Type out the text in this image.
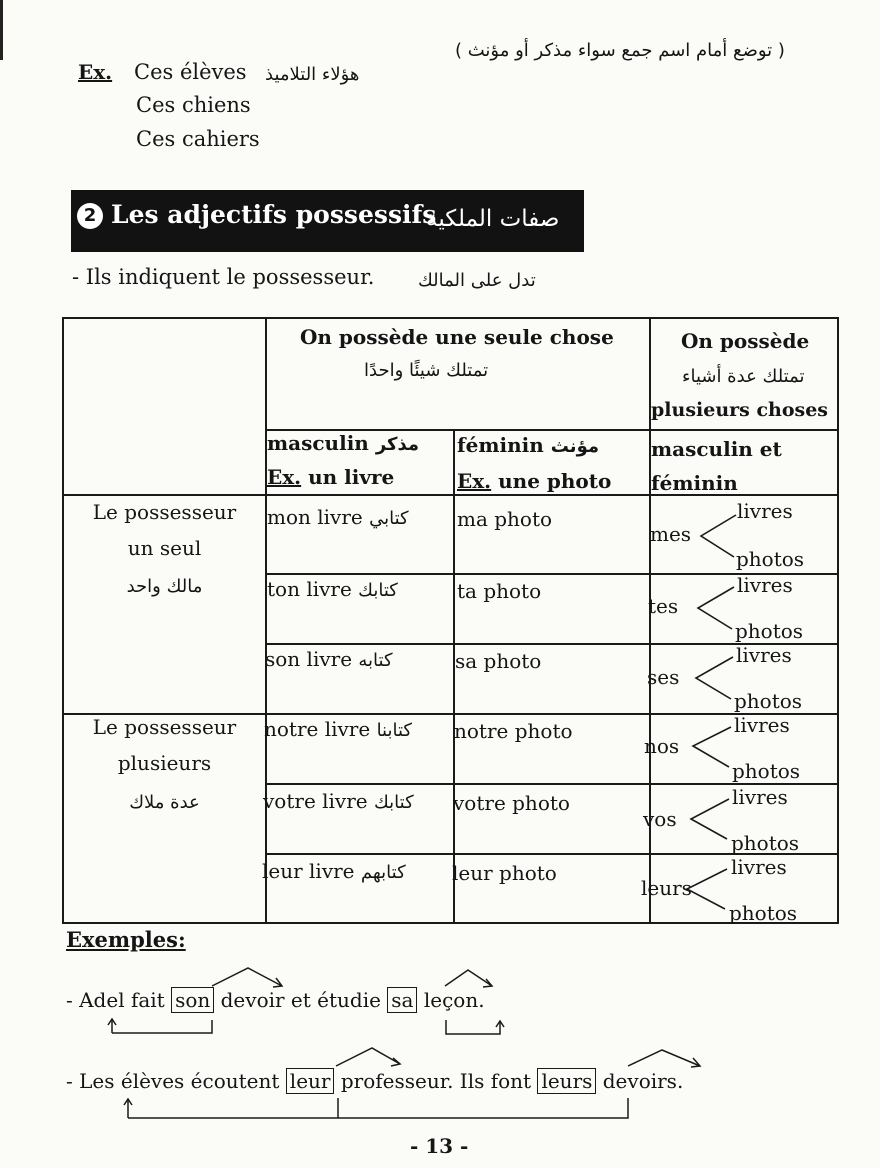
( توضع أمام اسم جمع سواء مذكر أو مؤنث )
Ex. Ces élèves هؤلاء التلاميذ
Ces chiens
Ces cahiers
2 Les adjectifs possessifs
صفات الملكية
- Ils indiquent le possesseur. تدل على المالك
On possède une seule chose
تمتلك شيئًا واحدًا
On possède
تمتلك عدة أشياء
plusieurs choses
masculin مذكر
Ex. un livre
féminin مؤنث
Ex. une photo
masculin et
féminin
Le possesseur
un seul
مالك واحد
Le possesseur
plusieurs
عدة ملاك
mon livre كتابي ma photo
mes
livres
photos
ton livre كتابك	ta photo
tes
livres
photos
son livre كتابه	sa photo
ses
livres
photos
notre livre كتابنا notre photo
nos
livres
photos
votre livre كتابك votre photo
vos
livres
photos
leur livre كتابهم leur photo
leurs
livres
photos
Exemples:
- Adel fait son devoir et étudie sa leçon.
- Les élèves écoutent leur professeur. Ils font leurs devoirs.
- 13 -
